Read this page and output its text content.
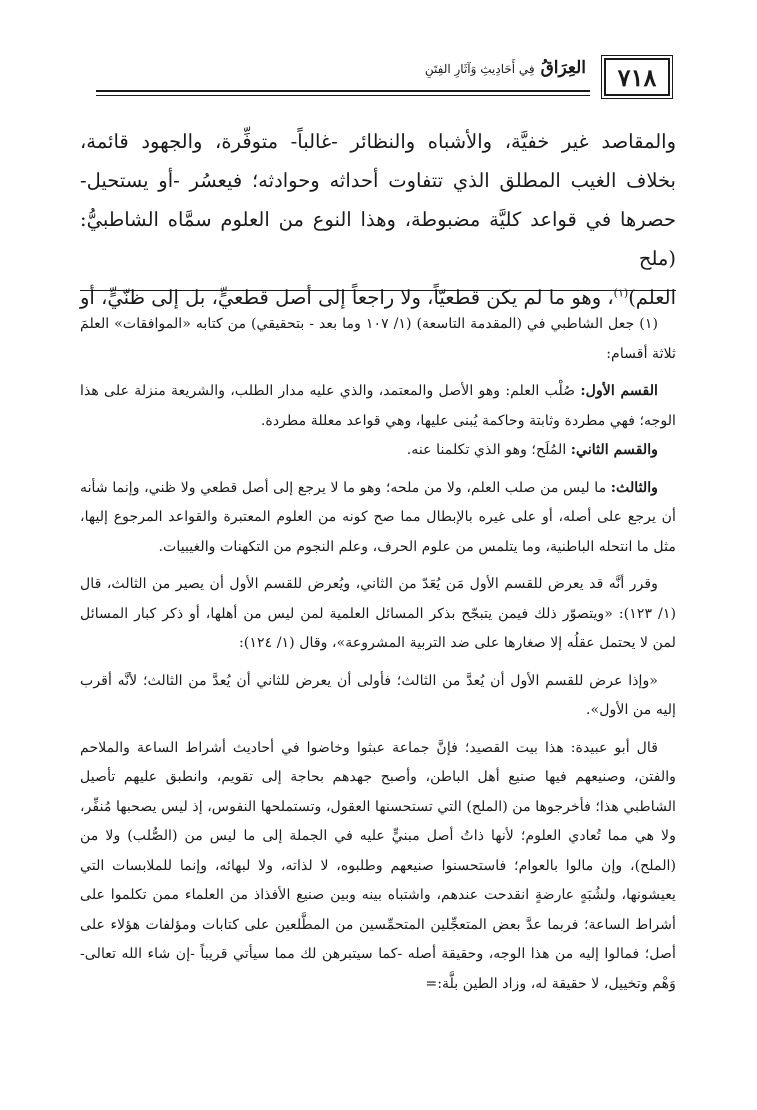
٧١٨
العِرَاقُ فِي أَحَادِيثِ وَآثَارِ الفِتَنِ

والمقاصد غير خفيَّة، والأشباه والنظائر -غالباً- متوفِّرة، والجهود قائمة،

بخلاف الغيب المطلق الذي تتفاوت أحداثه وحوادثه؛ فيعسُر -أو يستحيل-

حصرها في قواعد كليَّة مضبوطة، وهذا النوع من العلوم سمَّاه الشاطبيُّ: (ملح

العلم)$^{(١)}$، وهو ما لم يكن قطعيّاً، ولا راجعاً إلى أصل قطعيٍّ، بل إلى ظنّيٍّ، أو

(١) جعل الشاطبي في (المقدمة التاسعة) (١/ ١٠٧ وما بعد - بتحقيقي) من كتابه «الموافقات» العلمَ ثلاثة أقسام:

القسم الأول: صُلْب العلم: وهو الأصل والمعتمد، والذي عليه مدار الطلب، والشريعة منزلة على هذا الوجه؛ فهي مطردة وثابتة وحاكمة يُبنى عليها، وهي قواعد معللة مطردة.

والقسم الثاني: المُلَح؛ وهو الذي تكلمنا عنه.

والثالث: ما ليس من صلب العلم، ولا من ملحه؛ وهو ما لا يرجع إلى أصل قطعي ولا ظني، وإنما شأنه أن يرجع على أصله، أو على غيره بالإبطال مما صح كونه من العلوم المعتبرة والقواعد المرجوع إليها، مثل ما انتحله الباطنية، وما يتلمس من علوم الحرف، وعلم النجوم من التكهنات والغيبيات.

وقرر أنَّه قد يعرض للقسم الأول مَن يُعَدّ من الثاني، ويُعرض للقسم الأول أن يصير من الثالث، قال (١/ ١٢٣): «ويتصوّر ذلك فيمن يتبجّح بذكر المسائل العلمية لمن ليس من أهلها، أو ذكر كبار المسائل لمن لا يحتمل عقلُه إلا صغارها على ضد التربية المشروعة»، وقال (١/ ١٢٤):

«وإذا عرض للقسم الأول أن يُعدَّ من الثالث؛ فأولى أن يعرض للثاني أن يُعدَّ من الثالث؛ لأنَّه أقرب إليه من الأول».

قال أبو عبيدة: هذا بيت القصيد؛ فإنَّ جماعة عبثوا وخاضوا في أحاديث أشراط الساعة والملاحم والفتن، وصنيعهم فيها صنيع أهل الباطن، وأصبح جهدهم بحاجة إلى تقويم، وانطبق عليهم تأصيل الشاطبي هذا؛ فأخرجوها من (الملح) التي تستحسنها العقول، وتستملحها النفوس، إذ ليس يصحبها مُنفِّر، ولا هي مما تُعادي العلوم؛ لأنها ذاتُ أصل مبنيٍّ عليه في الجملة إلى ما ليس من (الصُّلب) ولا من (الملح)، وإن مالوا بالعوام؛ فاستحسنوا صنيعهم وطلبوه، لا لذاته، ولا لبهائه، وإنما للملابسات التي يعيشونها، ولشُبَهٍ عارضةٍ انقدحت عندهم، واشتباه بينه وبين صنيع الأفذاذ من العلماء ممن تكلموا على أشراط الساعة؛ فربما عدَّ بعض المتعجِّلين المتحمِّسين من المطَّلعين على كتابات ومؤلفات هؤلاء على أصل؛ فمالوا إليه من هذا الوجه، وحقيقة أصله -كما سيتبرهن لك مما سيأتي قريباً -إن شاء الله تعالى- وَهْم وتخييل، لا حقيقة له، وزاد الطين بلَّة:=
